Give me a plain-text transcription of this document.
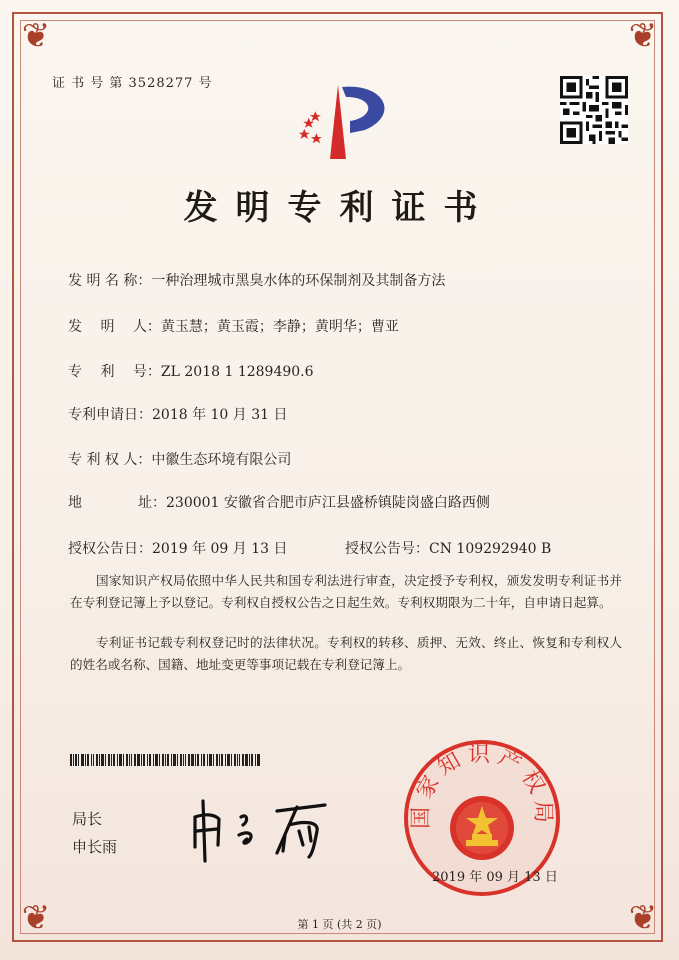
❦	❦
❦	❦
证 书 号 第 3528277 号
发明专利证书
发 明 名 称：一种治理城市黑臭水体的环保制剂及其制备方法
发　 明　 人：黄玉慧；黄玉霞；李静；黄明华；曹亚
专　 利　 号：ZL 2018 1 1289490.6
专利申请日：2018 年 10 月 31 日
专 利 权 人：中徽生态环境有限公司
地　　　　址：230001 安徽省合肥市庐江县盛桥镇陡岗盛白路西侧
授权公告日：2019 年 09 月 13 日	授权公告号：CN 109292940 B
国家知识产权局依照中华人民共和国专利法进行审查，决定授予专利权，颁发发明专利证书并在专利登记簿上予以登记。专利权自授权公告之日起生效。专利权期限为二十年，自申请日起算。
专利证书记载专利权登记时的法律状况。专利权的转移、质押、无效、终止、恢复和专利权人的姓名或名称、国籍、地址变更等事项记载在专利登记簿上。
局长
申长雨
国家知识产权局
2019 年 09 月 13 日
第 1 页 (共 2 页)
